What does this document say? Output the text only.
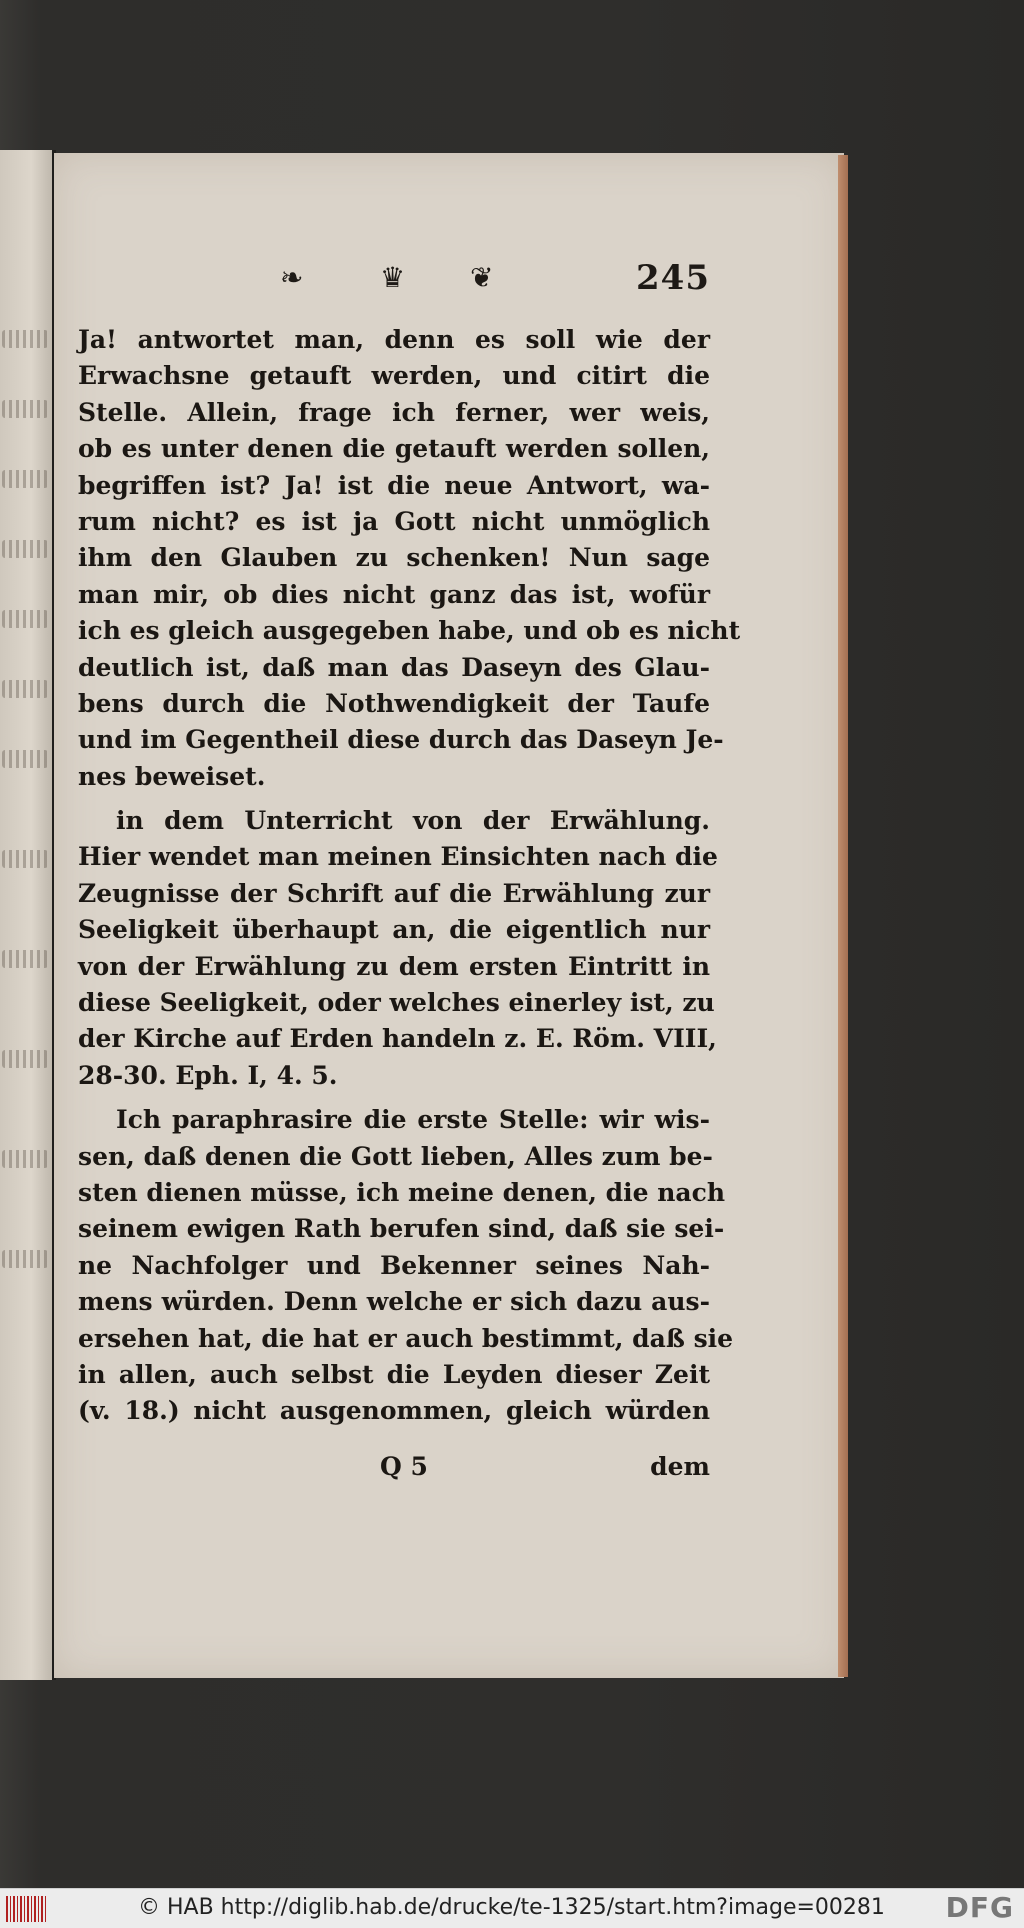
❧	♛ ❦	245
Ja! antwortet man, denn es soll wie der
Erwachsne getauft werden, und citirt die
Stelle. Allein, frage ich ferner, wer weis,
ob es unter denen die getauft werden sollen,
begriffen ist? Ja! ist die neue Antwort, wa-
rum nicht? es ist ja Gott nicht unmöglich
ihm den Glauben zu schenken! Nun sage
man mir, ob dies nicht ganz das ist, wofür
ich es gleich ausgegeben habe, und ob es nicht
deutlich ist, daß man das Daseyn des Glau-
bens durch die Nothwendigkeit der Taufe
und im Gegentheil diese durch das Daseyn Je-
nes beweiset.
in dem Unterricht von der Erwählung.
Hier wendet man meinen Einsichten nach die
Zeugnisse der Schrift auf die Erwählung zur
Seeligkeit überhaupt an, die eigentlich nur
von der Erwählung zu dem ersten Eintritt in
diese Seeligkeit, oder welches einerley ist, zu
der Kirche auf Erden handeln z. E. Röm. VIII,
28-30. Eph. I, 4. 5.
Ich paraphrasire die erste Stelle: wir wis-
sen, daß denen die Gott lieben, Alles zum be-
sten dienen müsse, ich meine denen, die nach
seinem ewigen Rath berufen sind, daß sie sei-
ne Nachfolger und Bekenner seines Nah-
mens würden. Denn welche er sich dazu aus-
ersehen hat, die hat er auch bestimmt, daß sie
in allen, auch selbst die Leyden dieser Zeit
(v. 18.) nicht ausgenommen, gleich würden
Q 5	dem
© HAB http://diglib.hab.de/drucke/te-1325/start.htm?image=00281 DFG
